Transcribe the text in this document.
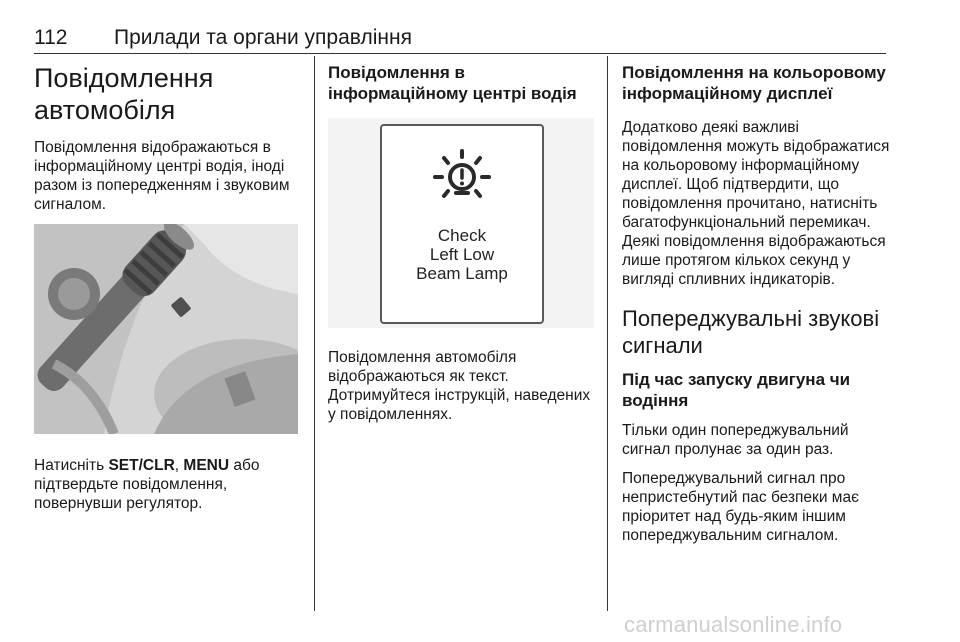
112 Прилади та органи управління
Повідомлення автомобіля

Повідомлення відображаються в інформаційному центрі водія, іноді разом із попередженням і звуковим сигналом.

Натисніть SET/CLR, MENU або підтвердьте повідомлення, повернувши регулятор.

Повідомлення в інформаційному центрі водія
Check
Left Low
Beam Lamp

Повідомлення автомобіля відображаються як текст. Дотримуйтеся інструкцій, наведених у повідомленнях.

Повідомлення на кольоровому інформаційному дисплеї

Додатково деякі важливі повідомлення можуть відображатися на кольоровому інформаційному дисплеї. Щоб підтвердити, що повідомлення прочитано, натисніть багатофункціональний перемикач. Деякі повідомлення відображаються лише протягом кількох секунд у вигляді спливних індикаторів.

Попереджувальні звукові сигнали
Під час запуску двигуна чи водіння

Тільки один попереджувальний сигнал пролунає за один раз.

Попереджувальний сигнал про непристебнутий пас безпеки має пріоритет над будь-яким іншим попереджувальним сигналом.

carmanualsonline.info
